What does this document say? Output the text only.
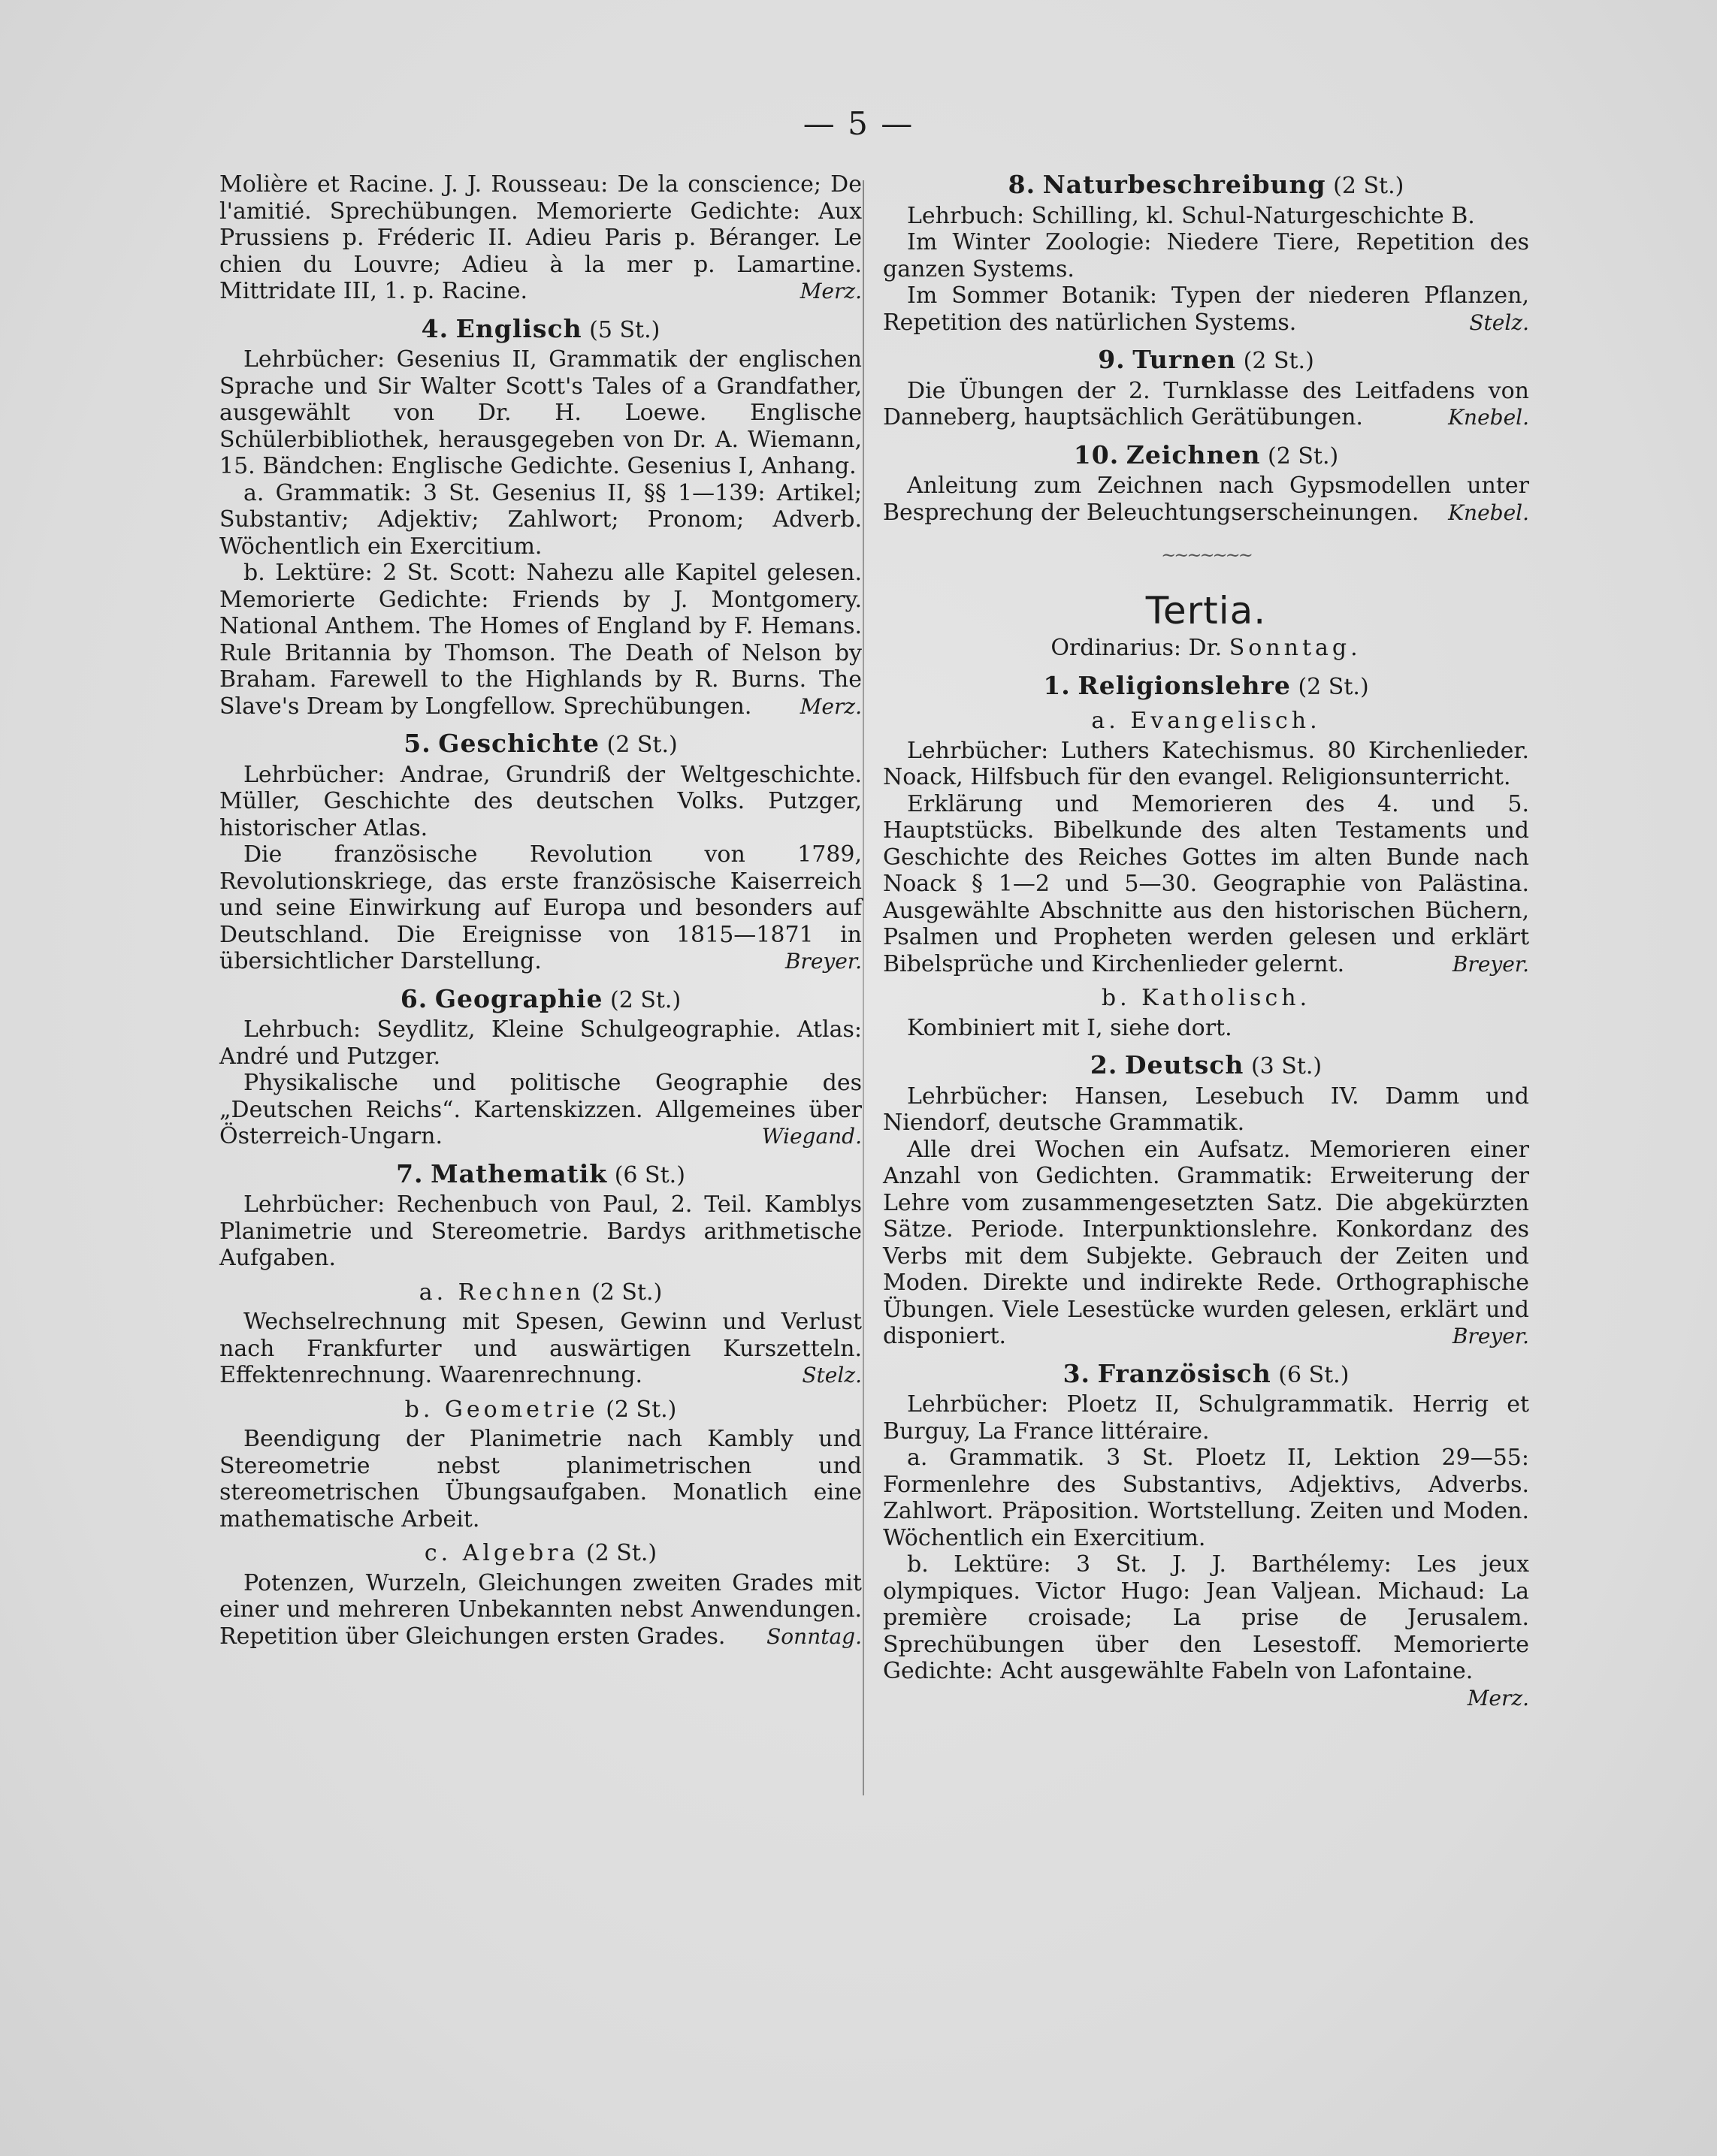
— 5 —

Molière et Racine. J. J. Rousseau: De la conscience; De l'amitié. Sprechübungen. Memorierte Gedichte: Aux Prussiens p. Fréderic II. Adieu Paris p. Béranger. Le chien du Louvre; Adieu à la mer p. Lamartine. Mittridate III, 1. p. Racine.	Merz.

4. Englisch (5 St.)

Lehrbücher: Gesenius II, Grammatik der englischen Sprache und Sir Walter Scott's Tales of a Grandfather, ausgewählt von Dr. H. Loewe. Englische Schülerbibliothek, herausgegeben von Dr. A. Wiemann, 15. Bändchen: Englische Gedichte. Gesenius I, Anhang.

a. Grammatik: 3 St. Gesenius II, §§ 1—139: Artikel; Substantiv; Adjektiv; Zahlwort; Pronom; Adverb. Wöchentlich ein Exercitium.

b. Lektüre: 2 St. Scott: Nahezu alle Kapitel gelesen. Memorierte Gedichte: Friends by J. Montgomery. National Anthem. The Homes of England by F. Hemans. Rule Britannia by Thomson. The Death of Nelson by Braham. Farewell to the Highlands by R. Burns. The Slave's Dream by Longfellow. Sprechübungen.	Merz.

5. Geschichte (2 St.)

Lehrbücher: Andrae, Grundriß der Weltgeschichte. Müller, Geschichte des deutschen Volks. Putzger, historischer Atlas.

Die französische Revolution von 1789, Revolutionskriege, das erste französische Kaiserreich und seine Einwirkung auf Europa und besonders auf Deutschland. Die Ereignisse von 1815—1871 in übersichtlicher Darstellung.	Breyer.

6. Geographie (2 St.)

Lehrbuch: Seydlitz, Kleine Schulgeographie. Atlas: André und Putzger.

Physikalische und politische Geographie des „Deutschen Reichs“. Kartenskizzen. Allgemeines über Österreich-Ungarn.	Wiegand.

7. Mathematik (6 St.)

Lehrbücher: Rechenbuch von Paul, 2. Teil. Kamblys Planimetrie und Stereometrie. Bardys arithmetische Aufgaben.

a. Rechnen (2 St.)

Wechselrechnung mit Spesen, Gewinn und Verlust nach Frankfurter und auswärtigen Kurszetteln. Effektenrechnung. Waarenrechnung.	Stelz.

b. Geometrie (2 St.)

Beendigung der Planimetrie nach Kambly und Stereometrie nebst planimetrischen und stereometrischen Übungsaufgaben. Monatlich eine mathematische Arbeit.

c. Algebra (2 St.)

Potenzen, Wurzeln, Gleichungen zweiten Grades mit einer und mehreren Unbekannten nebst Anwendungen. Repetition über Gleichungen ersten Grades.	Sonntag.

8. Naturbeschreibung (2 St.)

Lehrbuch: Schilling, kl. Schul-Naturgeschichte B.

Im Winter Zoologie: Niedere Tiere, Repetition des ganzen Systems.

Im Sommer Botanik: Typen der niederen Pflanzen, Repetition des natürlichen Systems.	Stelz.

9. Turnen (2 St.)

Die Übungen der 2. Turnklasse des Leitfadens von Danneberg, hauptsächlich Gerätübungen.	Knebel.

10. Zeichnen (2 St.)

Anleitung zum Zeichnen nach Gypsmodellen unter Besprechung der Beleuchtungserscheinungen.	Knebel.

~~~~~~~
Tertia.
Ordinarius: Dr. Sonntag.
1. Religionslehre (2 St.)
a. Evangelisch.

Lehrbücher: Luthers Katechismus. 80 Kirchenlieder. Noack, Hilfsbuch für den evangel. Religionsunterricht.

Erklärung und Memorieren des 4. und 5. Hauptstücks. Bibelkunde des alten Testaments und Geschichte des Reiches Gottes im alten Bunde nach Noack § 1—2 und 5—30. Geographie von Palästina. Ausgewählte Abschnitte aus den historischen Büchern, Psalmen und Propheten werden gelesen und erklärt Bibelsprüche und Kirchenlieder gelernt.	Breyer.

b. Katholisch.

Kombiniert mit I, siehe dort.

2. Deutsch (3 St.)

Lehrbücher: Hansen, Lesebuch IV. Damm und Niendorf, deutsche Grammatik.

Alle drei Wochen ein Aufsatz. Memorieren einer Anzahl von Gedichten. Grammatik: Erweiterung der Lehre vom zusammengesetzten Satz. Die abgekürzten Sätze. Periode. Interpunktionslehre. Konkordanz des Verbs mit dem Subjekte. Gebrauch der Zeiten und Moden. Direkte und indirekte Rede. Orthographische Übungen. Viele Lesestücke wurden gelesen, erklärt und disponiert.	Breyer.

3. Französisch (6 St.)

Lehrbücher: Ploetz II, Schulgrammatik. Herrig et Burguy, La France littéraire.

a. Grammatik. 3 St. Ploetz II, Lektion 29—55: Formenlehre des Substantivs, Adjektivs, Adverbs. Zahlwort. Präposition. Wortstellung. Zeiten und Moden. Wöchentlich ein Exercitium.

b. Lektüre: 3 St. J. J. Barthélemy: Les jeux olympiques. Victor Hugo: Jean Valjean. Michaud: La première croisade; La prise de Jerusalem. Sprechübungen über den Lesestoff. Memorierte Gedichte: Acht ausgewählte Fabeln von Lafontaine.
Merz.
